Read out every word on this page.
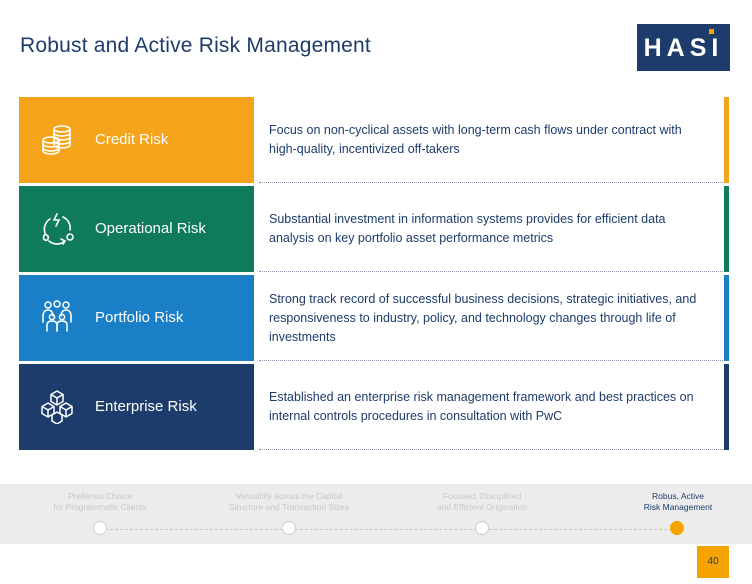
Robust and Active Risk Management	HASI
Credit Risk
Focus on non-cyclical assets with long-term cash flows under contract with high-quality, incentivized off-takers
Operational Risk
Substantial investment in information systems provides for efficient data analysis on key portfolio asset performance metrics
Portfolio Risk
Strong track record of successful business decisions, strategic initiatives, and responsiveness to industry, policy, and technology changes through life of investments
Enterprise Risk
Established an enterprise risk management framework and best practices on internal controls procedures in consultation with PwC
Preferred Choice
for Programmatic Clients
Versatility across the Capital
Structure and Transaction Sizes
Focused, Disciplined
and Efficient Origination
Robus, Active
Risk Management
40
